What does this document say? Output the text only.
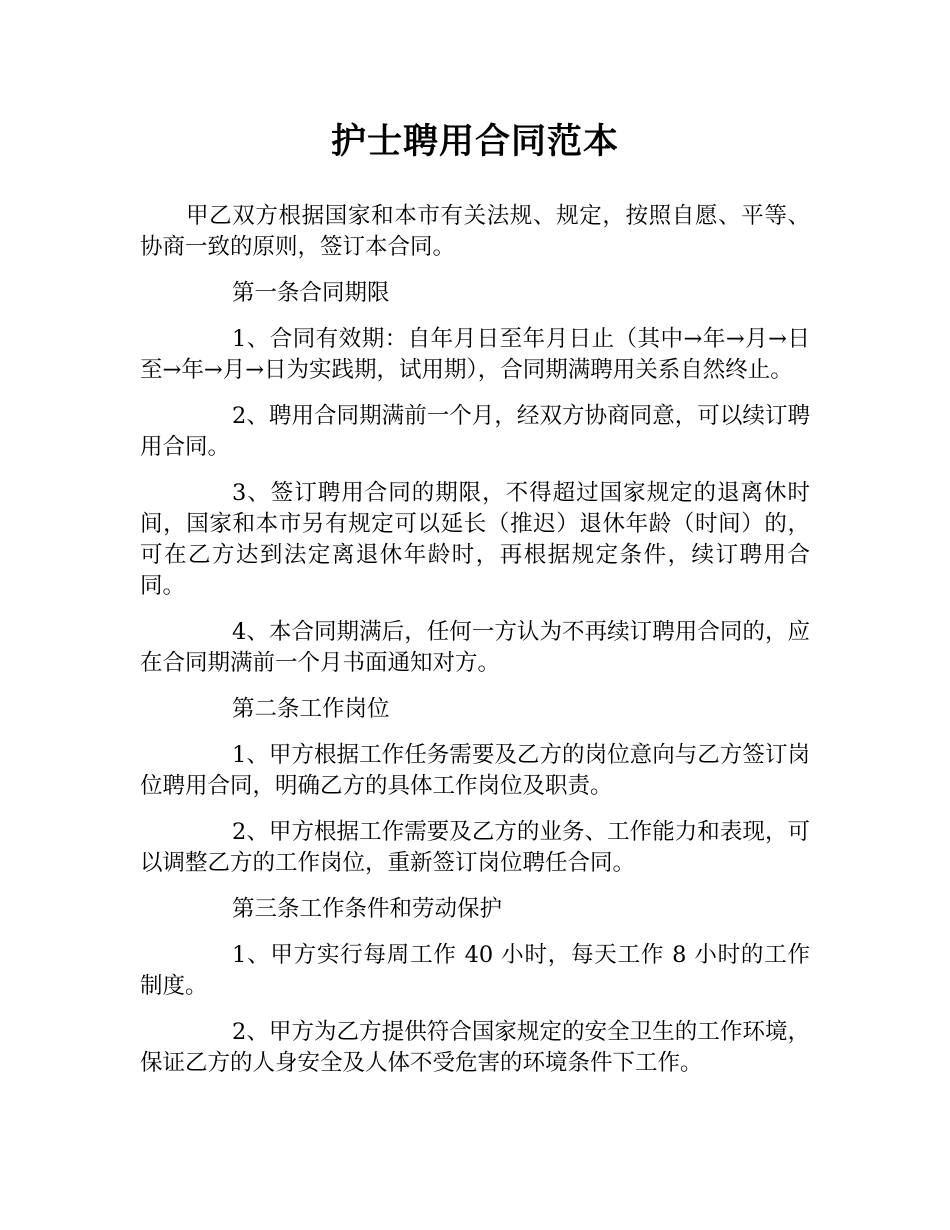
护士聘用合同范本

甲乙双方根据国家和本市有关法规、规定，按照自愿、平等、协商一致的原则，签订本合同。

第一条合同期限

1、合同有效期：自年月日至年月日止（其中→年→月→日至→年→月→日为实践期，试用期），合同期满聘用关系自然终止。

2、聘用合同期满前一个月，经双方协商同意，可以续订聘用合同。

3、签订聘用合同的期限，不得超过国家规定的退离休时间，国家和本市另有规定可以延长（推迟）退休年龄（时间）的，可在乙方达到法定离退休年龄时，再根据规定条件，续订聘用合同。

4、本合同期满后，任何一方认为不再续订聘用合同的，应在合同期满前一个月书面通知对方。

第二条工作岗位

1、甲方根据工作任务需要及乙方的岗位意向与乙方签订岗位聘用合同，明确乙方的具体工作岗位及职责。

2、甲方根据工作需要及乙方的业务、工作能力和表现，可以调整乙方的工作岗位，重新签订岗位聘任合同。

第三条工作条件和劳动保护

1、甲方实行每周工作 40 小时，每天工作 8 小时的工作制度。

2、甲方为乙方提供符合国家规定的安全卫生的工作环境，保证乙方的人身安全及人体不受危害的环境条件下工作。
